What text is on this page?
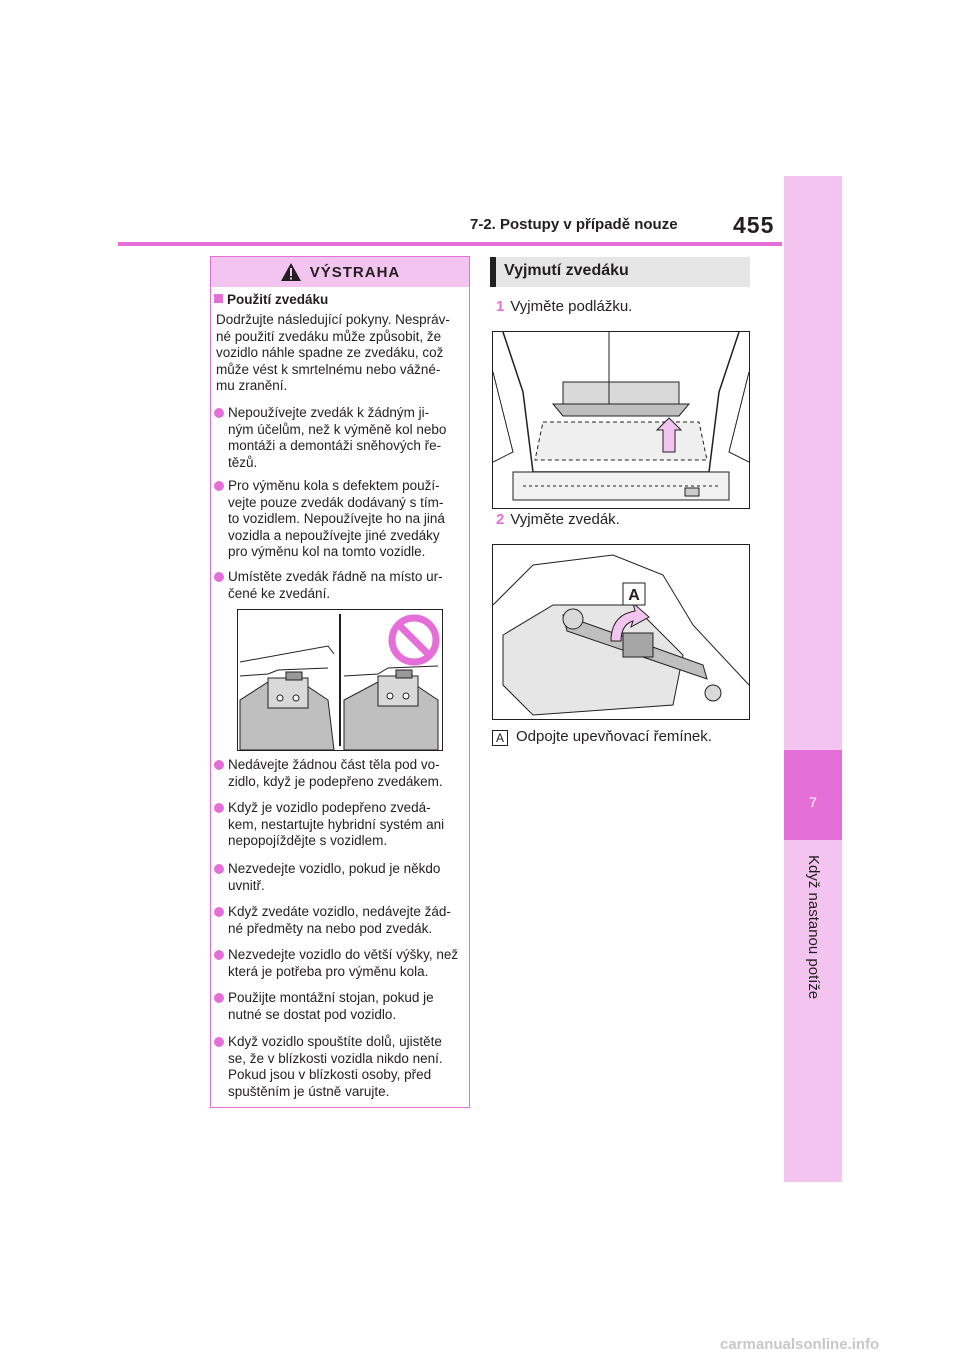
7-2. Postupy v případě nouze 455
7
Když nastanou potíže
VÝSTRAHA
Použití zvedáku
Dodržujte následující pokyny. Nespráv-
né použití zvedáku může způsobit, že
vozidlo náhle spadne ze zvedáku, což
může vést k smrtelnému nebo vážné-
mu zranění.
Nepoužívejte zvedák k žádným ji-
ným účelům, než k výměně kol nebo
montáži a demontáži sněhových ře-
tězů.
Pro výměnu kola s defektem použí-
vejte pouze zvedák dodávaný s tím-
to vozidlem. Nepoužívejte ho na jiná
vozidla a nepoužívejte jiné zvedáky
pro výměnu kol na tomto vozidle.
Umístěte zvedák řádně na místo ur-
čené ke zvedání.
Nedávejte žádnou část těla pod vo-
zidlo, když je podepřeno zvedákem.
Když je vozidlo podepřeno zvedá-
kem, nestartujte hybridní systém ani
nepopojíždějte s vozidlem.
Nezvedejte vozidlo, pokud je někdo
uvnitř.
Když zvedáte vozidlo, nedávejte žád-
né předměty na nebo pod zvedák.
Nezvedejte vozidlo do větší výšky, než
která je potřeba pro výměnu kola.
Použijte montážní stojan, pokud je
nutné se dostat pod vozidlo.
Když vozidlo spouštíte dolů, ujistěte
se, že v blízkosti vozidla nikdo není.
Pokud jsou v blízkosti osoby, před
spuštěním je ústně varujte.
Vyjmutí zvedáku
1 Vyjměte podlážku.
2 Vyjměte zvedák.
A
A Odpojte upevňovací řemínek.
carmanualsonline.info
